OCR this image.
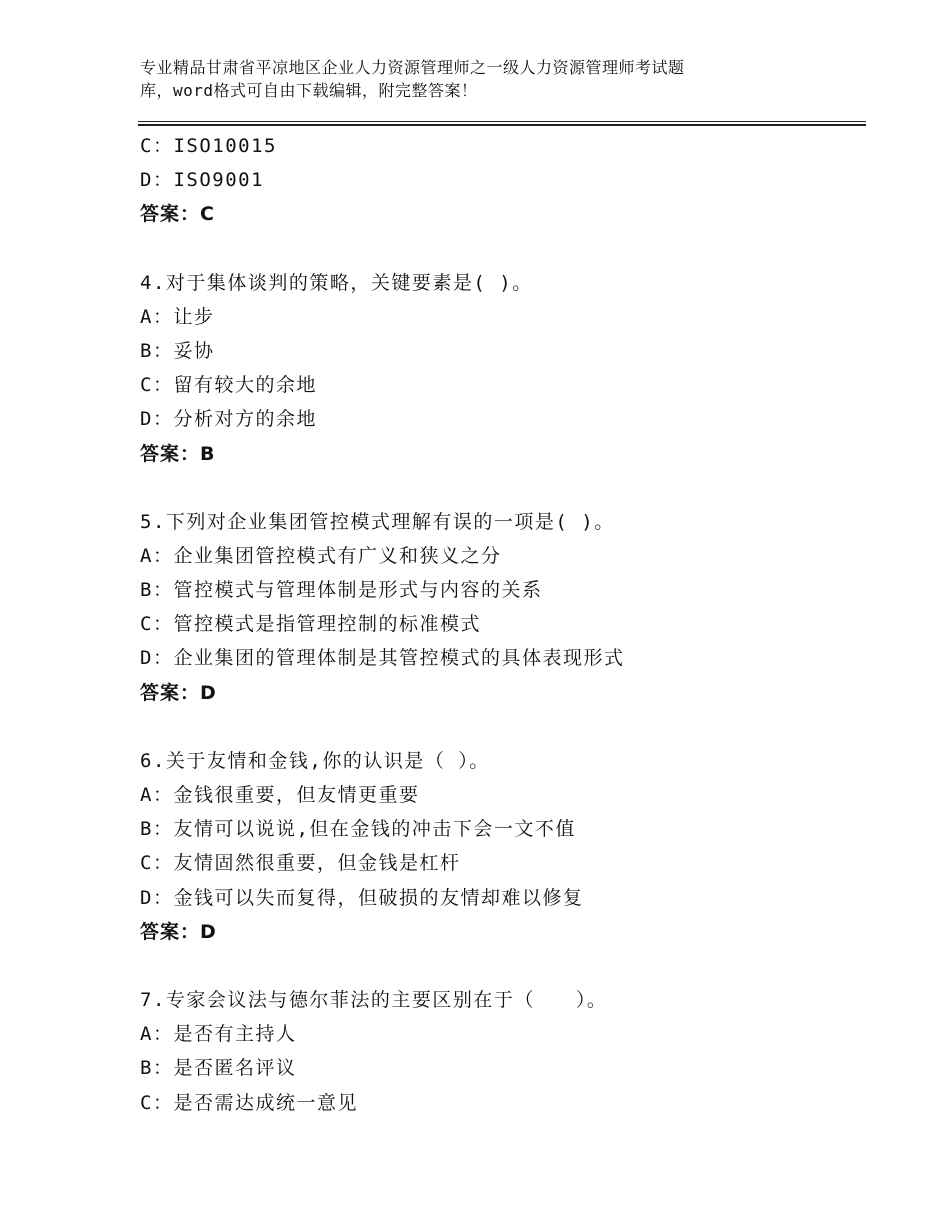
专业精品甘肃省平凉地区企业人力资源管理师之一级人力资源管理师考试题
库，word格式可自由下载编辑，附完整答案！
C：ISO10015
D：ISO9001
答案：C
4.对于集体谈判的策略，关键要素是( )。
A：让步
B：妥协
C：留有较大的余地
D：分析对方的余地
答案：B
5.下列对企业集团管控模式理解有误的一项是( )。
A：企业集团管控模式有广义和狭义之分
B：管控模式与管理体制是形式与内容的关系
C：管控模式是指管理控制的标准模式
D：企业集团的管理体制是其管控模式的具体表现形式
答案：D
6.关于友情和金钱,你的认识是（ ）。
A：金钱很重要，但友情更重要
B：友情可以说说,但在金钱的冲击下会一文不值
C：友情固然很重要，但金钱是杠杆
D：金钱可以失而复得，但破损的友情却难以修复
答案：D
7.专家会议法与德尔菲法的主要区别在于（　　）。
A：是否有主持人
B：是否匿名评议
C：是否需达成统一意见
